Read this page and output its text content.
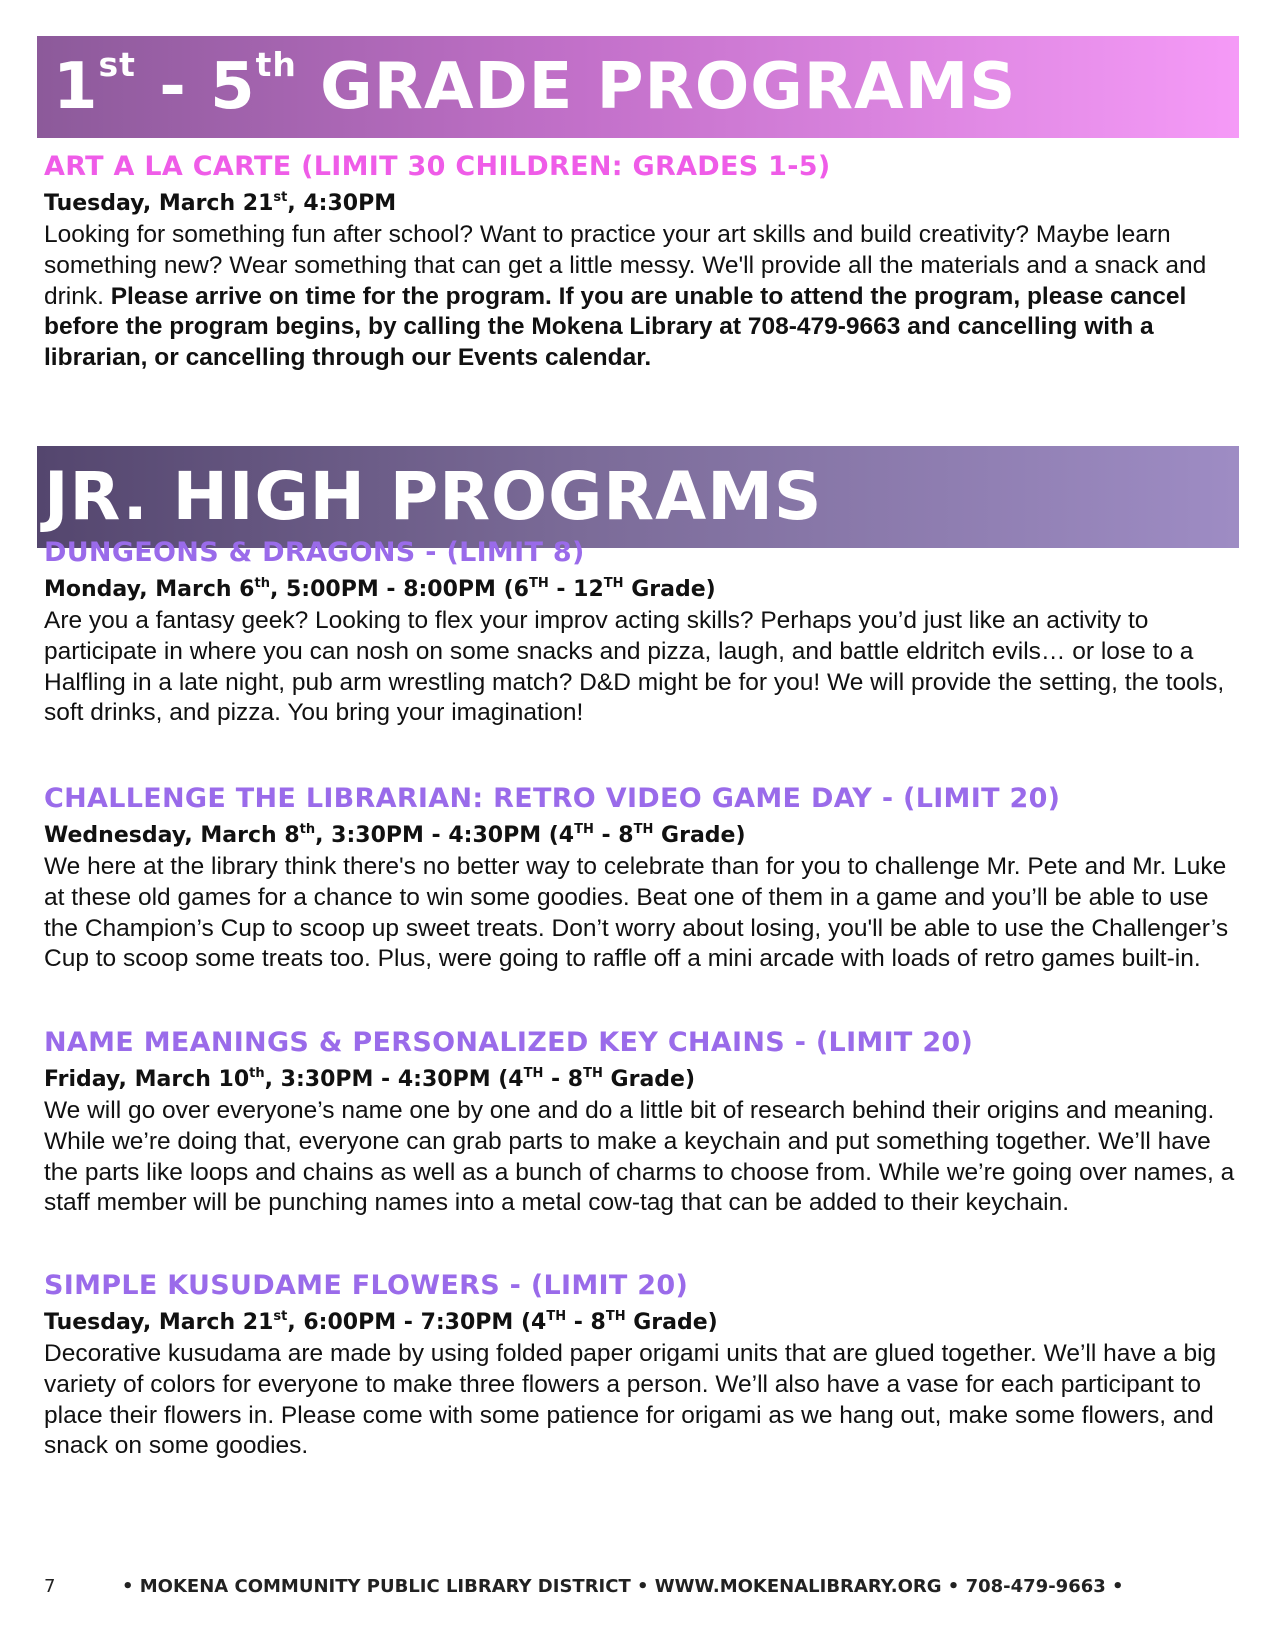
1st - 5th GRADE PROGRAMS
ART A LA CARTE (LIMIT 30 CHILDREN: GRADES 1-5)
Tuesday, March 21st, 4:30PM
Looking for something fun after school? Want to practice your art skills and build creativity? Maybe learn something new? Wear something that can get a little messy. We'll provide all the materials and a snack and drink. Please arrive on time for the program. If you are unable to attend the program, please cancel before the program begins, by calling the Mokena Library at 708-479-9663 and cancelling with a librarian, or cancelling through our Events calendar.
JR. HIGH PROGRAMS
DUNGEONS & DRAGONS - (LIMIT 8)
Monday, March 6th, 5:00PM - 8:00PM (6TH - 12TH Grade)
Are you a fantasy geek? Looking to flex your improv acting skills? Perhaps you’d just like an activity to participate in where you can nosh on some snacks and pizza, laugh, and battle eldritch evils… or lose to a Halfling in a late night, pub arm wrestling match? D&D might be for you! We will provide the setting, the tools, soft drinks, and pizza. You bring your imagination!
CHALLENGE THE LIBRARIAN: RETRO VIDEO GAME DAY - (LIMIT 20)
Wednesday, March 8th, 3:30PM - 4:30PM (4TH - 8TH Grade)
We here at the library think there's no better way to celebrate than for you to challenge Mr. Pete and Mr. Luke at these old games for a chance to win some goodies. Beat one of them in a game and you’ll be able to use the Champion’s Cup to scoop up sweet treats. Don’t worry about losing, you'll be able to use the Challenger’s Cup to scoop some treats too. Plus, were going to raffle off a mini arcade with loads of retro games built-in.
NAME MEANINGS & PERSONALIZED KEY CHAINS - (LIMIT 20)
Friday, March 10th, 3:30PM - 4:30PM (4TH - 8TH Grade)
We will go over everyone’s name one by one and do a little bit of research behind their origins and meaning. While we’re doing that, everyone can grab parts to make a keychain and put something together. We’ll have the parts like loops and chains as well as a bunch of charms to choose from. While we’re going over names, a staff member will be punching names into a metal cow-tag that can be added to their keychain.
SIMPLE KUSUDAME FLOWERS - (LIMIT 20)
Tuesday, March 21st, 6:00PM - 7:30PM (4TH - 8TH Grade)
Decorative kusudama are made by using folded paper origami units that are glued together. We’ll have a big variety of colors for everyone to make three flowers a person. We’ll also have a vase for each participant to place their flowers in. Please come with some patience for origami as we hang out, make some flowers, and snack on some goodies.
7	• MOKENA COMMUNITY PUBLIC LIBRARY DISTRICT • WWW.MOKENALIBRARY.ORG • 708-479-9663 •
